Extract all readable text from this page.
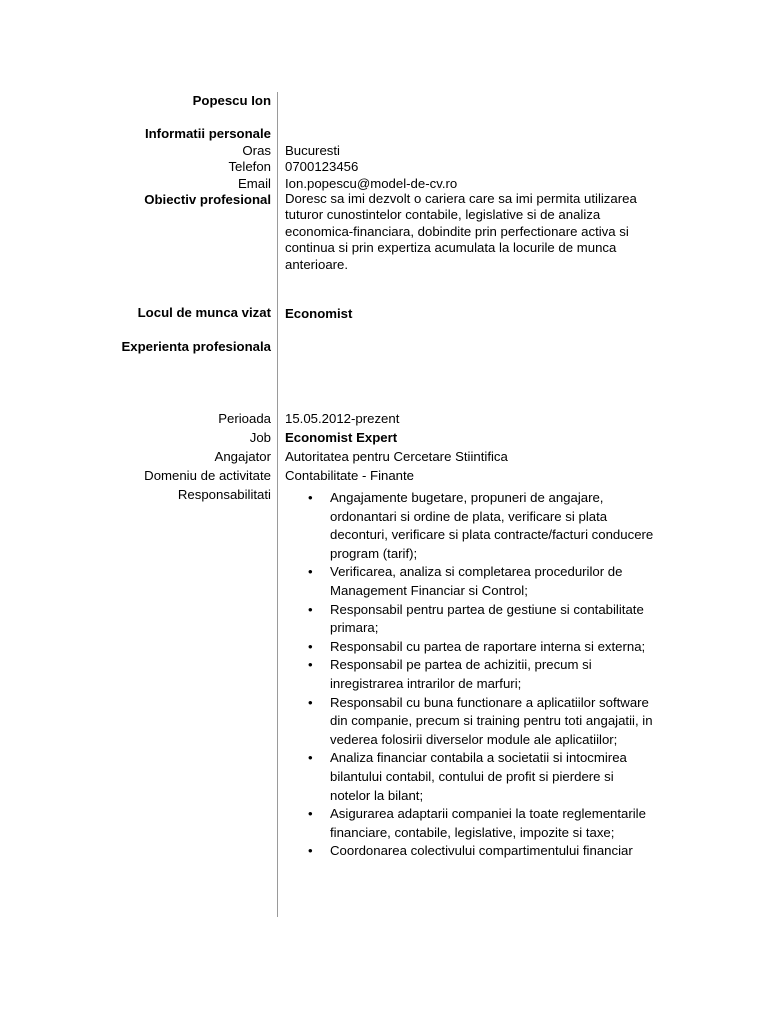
Popescu Ion
Informatii personale
Oras Bucuresti
Telefon 0700123456
Email Ion.popescu@model-de-cv.ro
Obiectiv profesional Doresc sa imi dezvolt o cariera care sa imi permita utilizarea tuturor cunostintelor contabile, legislative si de analiza economica-financiara, dobindite prin perfectionare activa si continua si prin expertiza acumulata la locurile de munca anterioare.
Locul de munca vizat Economist
Experienta profesionala
Perioada 15.05.2012-prezent
Job Economist Expert
Angajator Autoritatea pentru Cercetare Stiintifica
Domeniu de activitate Contabilitate - Finante
Responsabilitati
•	Angajamente bugetare, propuneri de angajare, ordonantari si ordine de plata, verificare si plata deconturi, verificare si plata contracte/facturi conducere program (tarif);
• Verificarea, analiza si completarea procedurilor de Management Financiar si Control;
• Responsabil pentru partea de gestiune si contabilitate primara;
• Responsabil cu partea de raportare interna si externa;
• Responsabil pe partea de achizitii, precum si inregistrarea intrarilor de marfuri;
• Responsabil cu buna functionare a aplicatiilor software din companie, precum si training pentru toti angajatii, in vederea folosirii diverselor module ale aplicatiilor;
• Analiza financiar contabila a societatii si intocmirea bilantului contabil, contului de profit si pierdere si notelor la bilant;
• Asigurarea adaptarii companiei la toate reglementarile financiare, contabile, legislative, impozite si taxe;
• Coordonarea colectivului compartimentului financiar
